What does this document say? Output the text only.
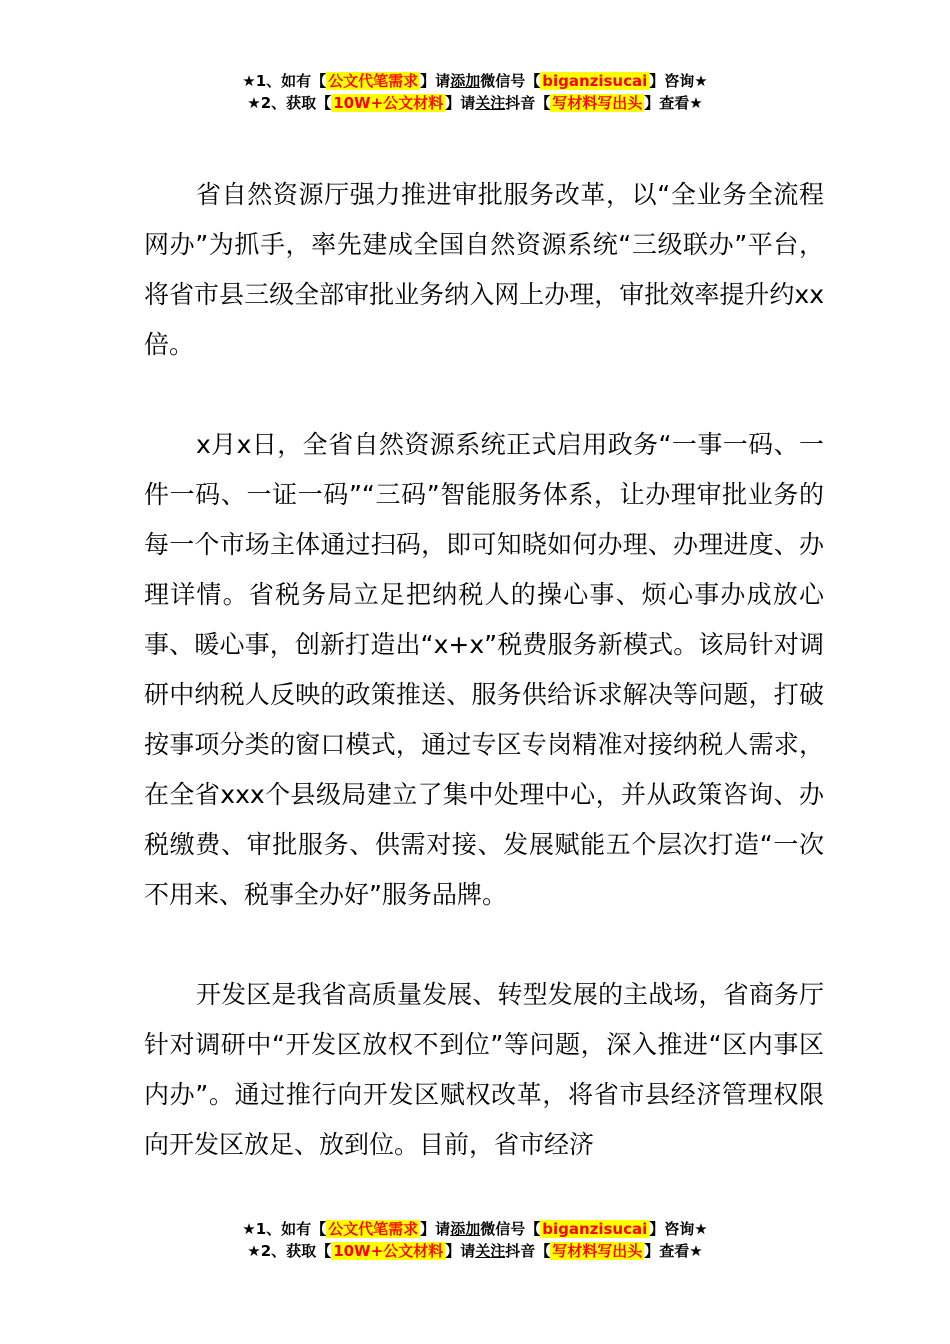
★1、如有【 公文代笔需求 】请添加微信号【 biganzisucai 】咨询★
★2、获取【 10W+公文材料 】请关注抖音【 写材料写出头 】查看★

省自然资源厅强力推进审批服务改革，以“全业务全流程网办”为抓手，率先建成全国自然资源系统“三级联办”平台，将省市县三级全部审批业务纳入网上办理，审批效率提升约xx倍。

x月x日，全省自然资源系统正式启用政务“一事一码、一件一码、一证一码”“三码”智能服务体系，让办理审批业务的每一个市场主体通过扫码，即可知晓如何办理、办理进度、办理详情。省税务局立足把纳税人的操心事、烦心事办成放心事、暖心事，创新打造出“x+x”税费服务新模式。该局针对调研中纳税人反映的政策推送、服务供给诉求解决等问题，打破按事项分类的窗口模式，通过专区专岗精准对接纳税人需求，在全省xxx个县级局建立了集中处理中心，并从政策咨询、办税缴费、审批服务、供需对接、发展赋能五个层次打造“一次不用来、税事全办好”服务品牌。

开发区是我省高质量发展、转型发展的主战场，省商务厅针对调研中“开发区放权不到位”等问题，深入推进“区内事区内办”。通过推行向开发区赋权改革，将省市县经济管理权限向开发区放足、放到位。目前，省市经济

★1、如有【 公文代笔需求 】请添加微信号【 biganzisucai 】咨询★
★2、获取【 10W+公文材料 】请关注抖音【 写材料写出头 】查看★
